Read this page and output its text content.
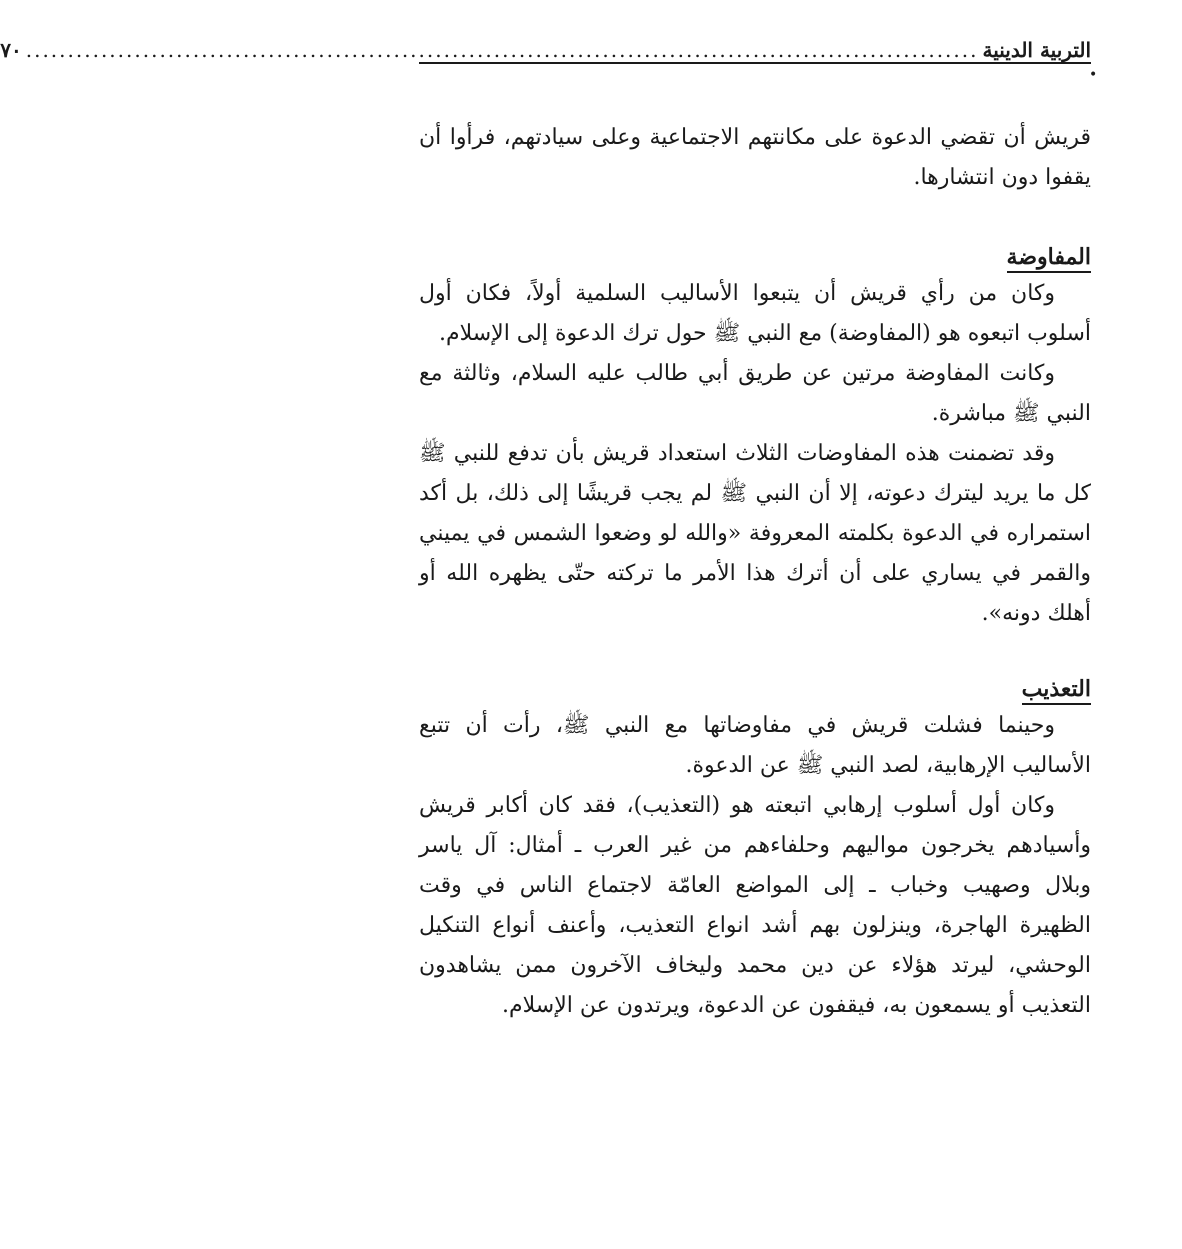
التربية الدينية
..................................................................................................................
٧٠
•

قريش أن تقضي الدعوة على مكانتهم الاجتماعية وعلى سيادتهم، فرأوا أن يقفوا دون انتشارها.

المفاوضة

وكان من رأي قريش أن يتبعوا الأساليب السلمية أولاً، فكان أول أسلوب اتبعوه هو (المفاوضة) مع النبي ﷺ حول ترك الدعوة إلى الإسلام.

وكانت المفاوضة مرتين عن طريق أبي طالب عليه السلام، وثالثة مع النبي ﷺ مباشرة.

وقد تضمنت هذه المفاوضات الثلاث استعداد قريش بأن تدفع للنبي ﷺ كل ما يريد ليترك دعوته، إلا أن النبي ﷺ لم يجب قريشًا إلى ذلك، بل أكد استمراره في الدعوة بكلمته المعروفة «والله لو وضعوا الشمس في يميني والقمر في يساري على أن أترك هذا الأمر ما تركته حتّى يظهره الله أو أهلك دونه».

التعذيب

وحينما فشلت قريش في مفاوضاتها مع النبي ﷺ، رأت أن تتبع الأساليب الإرهابية، لصد النبي ﷺ عن الدعوة.

وكان أول أسلوب إرهابي اتبعته هو (التعذيب)، فقد كان أكابر قريش وأسيادهم يخرجون مواليهم وحلفاءهم من غير العرب ـ أمثال: آل ياسر وبلال وصهيب وخباب ـ إلى المواضع العامّة لاجتماع الناس في وقت الظهيرة الهاجرة، وينزلون بهم أشد انواع التعذيب، وأعنف أنواع التنكيل الوحشي، ليرتد هؤلاء عن دين محمد وليخاف الآخرون ممن يشاهدون التعذيب أو يسمعون به، فيقفون عن الدعوة، ويرتدون عن الإسلام.
